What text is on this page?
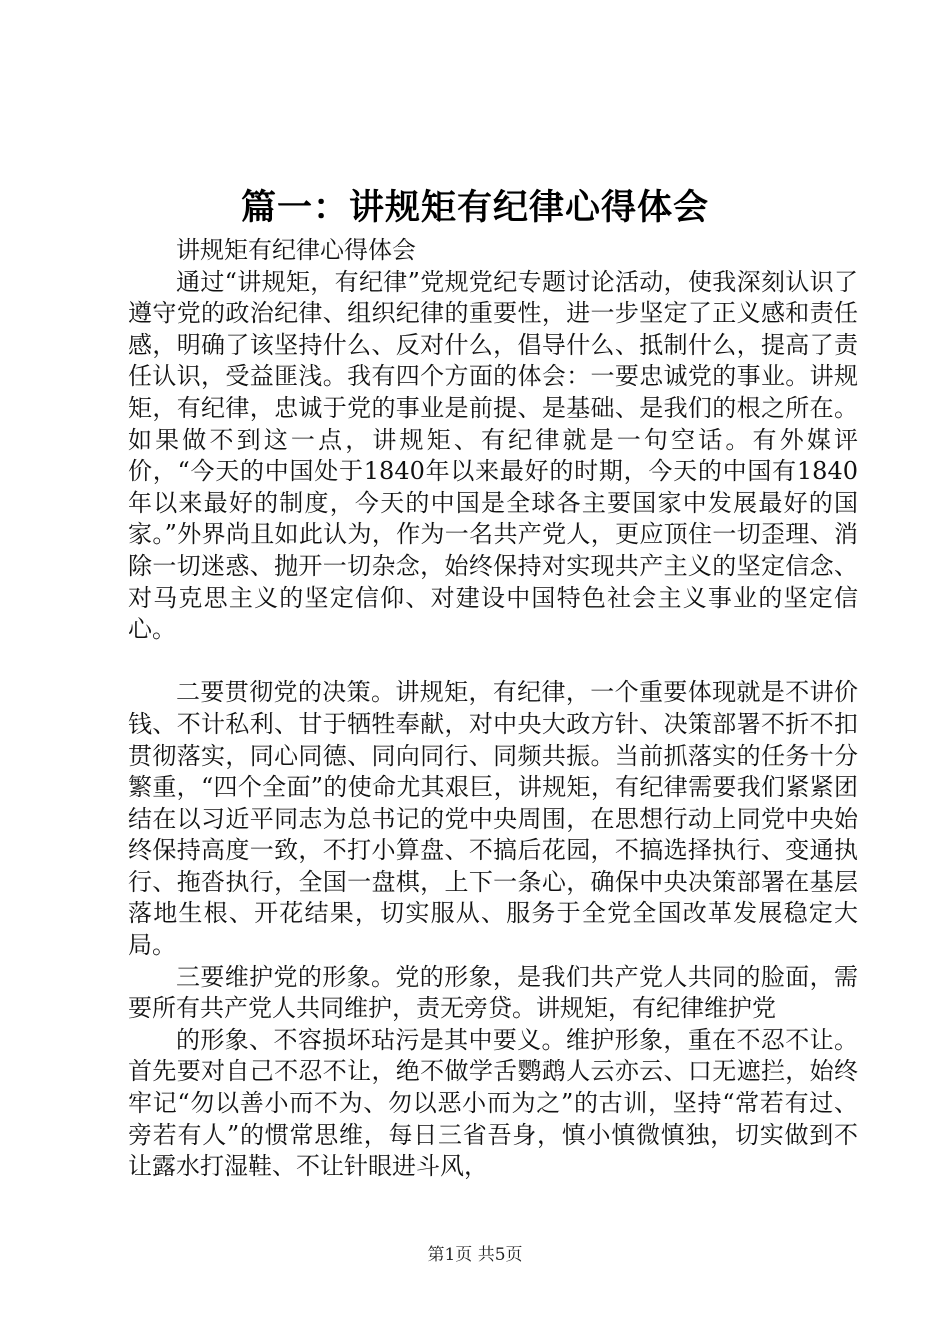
篇一：讲规矩有纪律心得体会

讲规矩有纪律心得体会

通过“讲规矩，有纪律”党规党纪专题讨论活动，使我深刻认识了遵守党的政治纪律、组织纪律的重要性，进一步坚定了正义感和责任感，明确了该坚持什么、反对什么，倡导什么、抵制什么，提高了责任认识，受益匪浅。我有四个方面的体会：一要忠诚党的事业。讲规矩，有纪律，忠诚于党的事业是前提、是基础、是我们的根之所在。如果做不到这一点，讲规矩、有纪律就是一句空话。有外媒评价，“今天的中国处于1840年以来最好的时期，今天的中国有1840年以来最好的制度，今天的中国是全球各主要国家中发展最好的国家。”外界尚且如此认为，作为一名共产党人，更应顶住一切歪理、消除一切迷惑、抛开一切杂念，始终保持对实现共产主义的坚定信念、对马克思主义的坚定信仰、对建设中国特色社会主义事业的坚定信心。

二要贯彻党的决策。讲规矩，有纪律，一个重要体现就是不讲价钱、不计私利、甘于牺牲奉献，对中央大政方针、决策部署不折不扣贯彻落实，同心同德、同向同行、同频共振。当前抓落实的任务十分繁重，“四个全面”的使命尤其艰巨，讲规矩，有纪律需要我们紧紧团结在以习近平同志为总书记的党中央周围，在思想行动上同党中央始终保持高度一致，不打小算盘、不搞后花园，不搞选择执行、变通执行、拖沓执行，全国一盘棋，上下一条心，确保中央决策部署在基层落地生根、开花结果，切实服从、服务于全党全国改革发展稳定大局。

三要维护党的形象。党的形象，是我们共产党人共同的脸面，需要所有共产党人共同维护，责无旁贷。讲规矩，有纪律维护党

的形象、不容损坏玷污是其中要义。维护形象，重在不忍不让。首先要对自己不忍不让，绝不做学舌鹦鹉人云亦云、口无遮拦，始终牢记“勿以善小而不为、勿以恶小而为之”的古训，坚持“常若有过、旁若有人”的惯常思维，每日三省吾身，慎小慎微慎独，切实做到不让露水打湿鞋、不让针眼进斗风，

第1页 共5页
